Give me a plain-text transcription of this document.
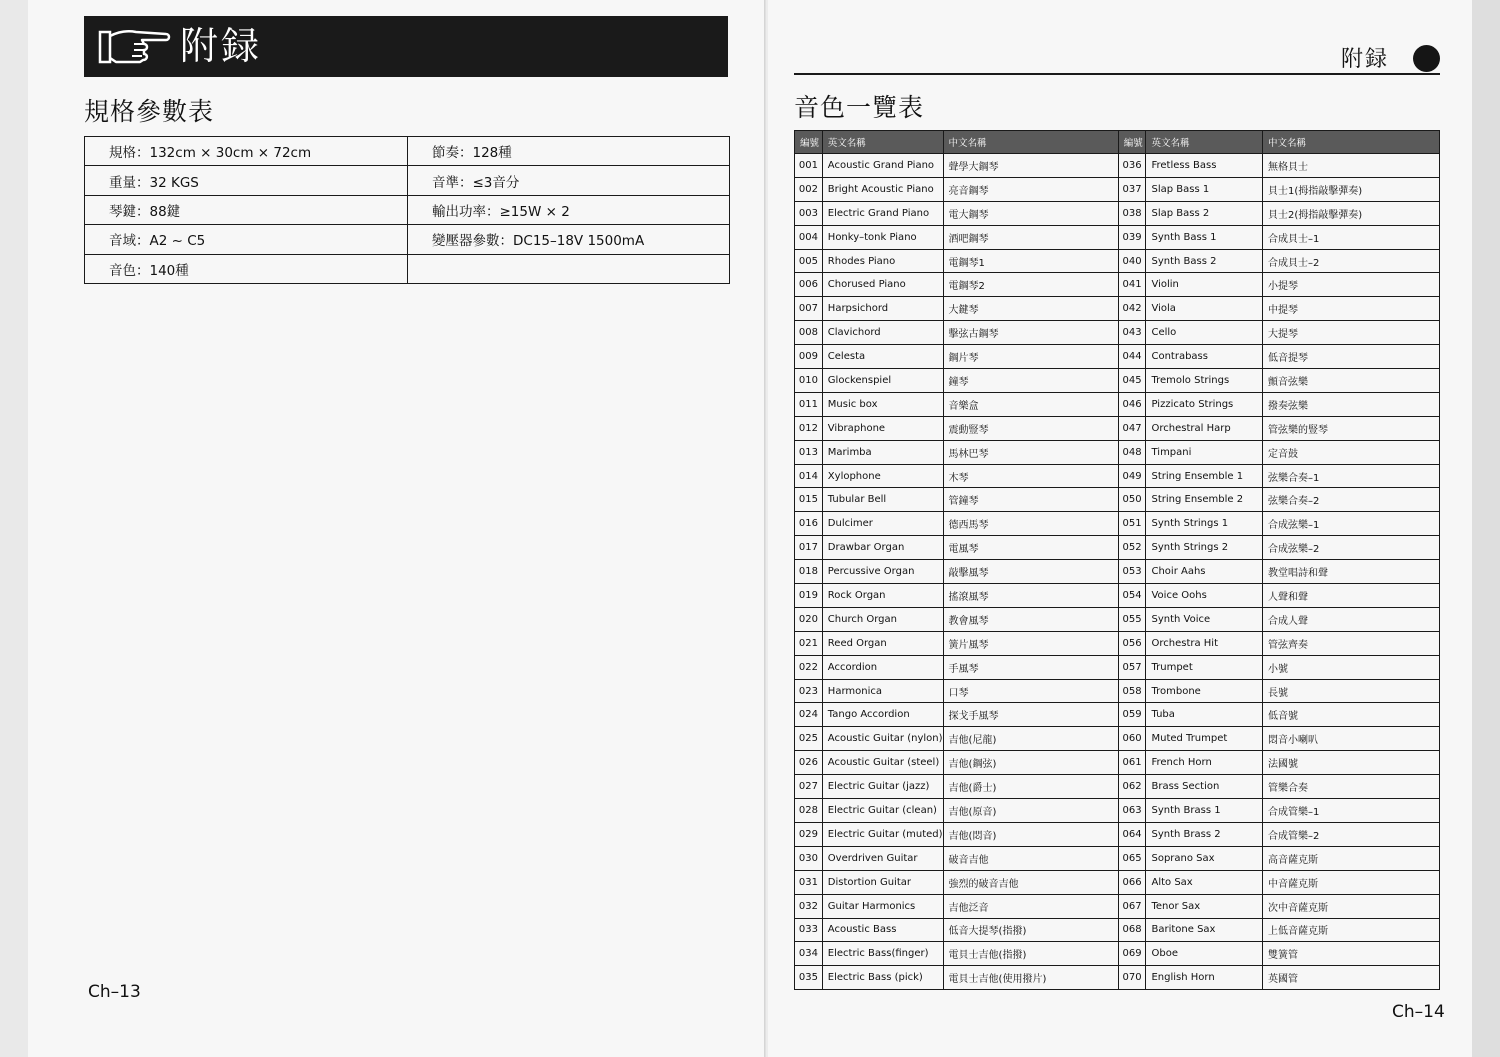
附録
規格參數表
規格：132cm × 30cm × 72cm	節奏：128種
重量：32 KGS	音準：≤3音分
琴鍵：88鍵	輸出功率：≥15W × 2
音域：A2 ~ C5	變壓器參數：DC15–18V 1500mA
音色：140種	
Ch–13
附録
音色一覽表
編號	英文名稱	中文名稱	編號	英文名稱	中文名稱
001	Acoustic Grand Piano	聲學大鋼琴	036	Fretless Bass	無格貝士
002	Bright Acoustic Piano	亮音鋼琴	037	Slap Bass 1	貝士1(拇指敲擊彈奏)
003	Electric Grand Piano	電大鋼琴	038	Slap Bass 2	貝士2(拇指敲擊彈奏)
004	Honky–tonk Piano	酒吧鋼琴	039	Synth Bass 1	合成貝士–1
005	Rhodes Piano	電鋼琴1	040	Synth Bass 2	合成貝士–2
006	Chorused Piano	電鋼琴2	041	Violin	小提琴
007	Harpsichord	大鍵琴	042	Viola	中提琴
008	Clavichord	擊弦古鋼琴	043	Cello	大提琴
009	Celesta	鋼片琴	044	Contrabass	低音提琴
010	Glockenspiel	鐘琴	045	Tremolo Strings	顫音弦樂
011	Music box	音樂盒	046	Pizzicato Strings	撥奏弦樂
012	Vibraphone	震動豎琴	047	Orchestral Harp	管弦樂的豎琴
013	Marimba	馬林巴琴	048	Timpani	定音鼓
014	Xylophone	木琴	049	String Ensemble 1	弦樂合奏–1
015	Tubular Bell	管鐘琴	050	String Ensemble 2	弦樂合奏–2
016	Dulcimer	德西馬琴	051	Synth Strings 1	合成弦樂–1
017	Drawbar Organ	電風琴	052	Synth Strings 2	合成弦樂–2
018	Percussive Organ	敲擊風琴	053	Choir Aahs	教堂唱詩和聲
019	Rock Organ	搖滾風琴	054	Voice Oohs	人聲和聲
020	Church Organ	教會風琴	055	Synth Voice	合成人聲
021	Reed Organ	簧片風琴	056	Orchestra Hit	管弦齊奏
022	Accordion	手風琴	057	Trumpet	小號
023	Harmonica	口琴	058	Trombone	長號
024	Tango Accordion	探戈手風琴	059	Tuba	低音號
025	Acoustic Guitar (nylon)	吉他(尼龍)	060	Muted Trumpet	悶音小喇叭
026	Acoustic Guitar (steel)	吉他(鋼弦)	061	French Horn	法國號
027	Electric Guitar (jazz)	吉他(爵士)	062	Brass Section	管樂合奏
028	Electric Guitar (clean)	吉他(原音)	063	Synth Brass 1	合成管樂–1
029	Electric Guitar (muted)	吉他(悶音)	064	Synth Brass 2	合成管樂–2
030	Overdriven Guitar	破音吉他	065	Soprano Sax	高音薩克斯
031	Distortion Guitar	強烈的破音吉他	066	Alto Sax	中音薩克斯
032	Guitar Harmonics	吉他泛音	067	Tenor Sax	次中音薩克斯
033	Acoustic Bass	低音大提琴(指撥)	068	Baritone Sax	上低音薩克斯
034	Electric Bass(finger)	電貝士吉他(指撥)	069	Oboe	雙簧管
035	Electric Bass (pick)	電貝士吉他(使用撥片)	070	English Horn	英國管
Ch–14
